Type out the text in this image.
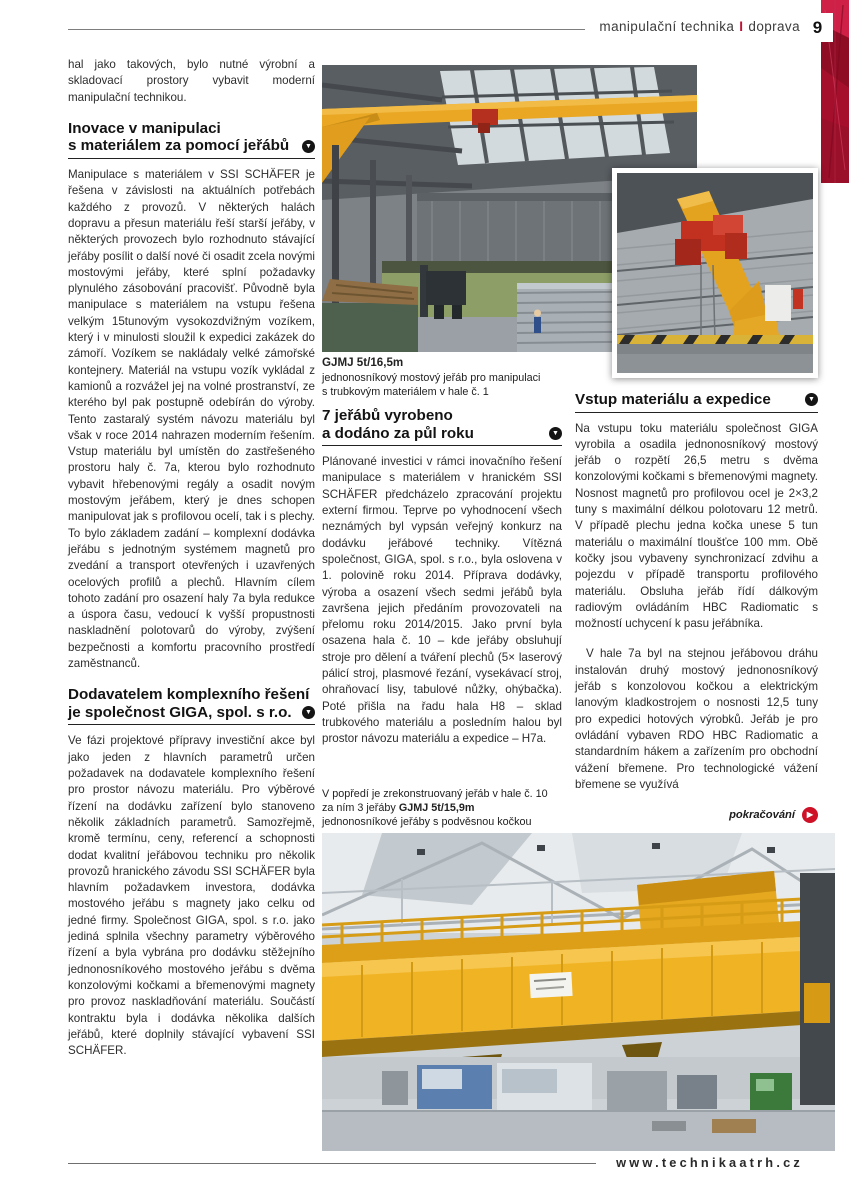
manipulační technika I doprava 9
GJMJ 5t/16,5m
jednonosníkový mostový jeřáb pro manipulaci
s trubkovým materiálem v hale č. 1

hal jako takových, bylo nutné výrobní a skladovací prostory vybavit moderní manipulační technikou.

Inovace v manipulaci
s materiálem za pomocí jeřábů	▼

Manipulace s materiálem v SSI SCHÄFER je řešena v závislosti na aktuálních potřebách každého z provozů. V některých halách dopravu a přesun materiálu řeší starší jeřáby, v některých provozech bylo rozhodnuto stávající jeřáby posílit o další nové či osadit zcela novými mostovými jeřáby, které splní požadavky plynulého zásobování pracovišť. Původně byla manipulace s materiálem na vstupu řešena velkým 15tunovým vysokozdvižným vozíkem, který i v minulosti sloužil k expedici zakázek do zámoří. Vozíkem se nakládaly velké zámořské kontejnery. Materiál na vstupu vozík vykládal z kamionů a rozvážel jej na volné prostranství, ze kterého byl pak postupně odebírán do výroby. Tento zastaralý systém návozu materiálu byl však v roce 2014 nahrazen moderním řešením. Vstup materiálu byl umístěn do zastřešeného prostoru haly č. 7a, kterou bylo rozhodnuto vybavit hřebenovými regály a osadit novým mostovým jeřábem, který je dnes schopen manipulovat jak s profilovou ocelí, tak i s plechy. To bylo základem zadání – komplexní dodávka jeřábu s jednotným systémem magnetů pro zvedání a transport otevřených i uzavřených ocelových profilů a plechů. Hlavním cílem tohoto zadání pro osazení haly 7a byla redukce a úspora času, vedoucí k vyšší propustnosti naskladnění polotovarů do výroby, zvýšení bezpečnosti a komfortu pracovního prostředí zaměstnanců.

Dodavatelem komplexního řešení
je společnost GIGA, spol. s r.o.	▼

Ve fázi projektové přípravy investiční akce byl jako jeden z hlavních parametrů určen požadavek na dodavatele komplexního řešení pro prostor návozu materiálu. Pro výběrové řízení na dodávku zařízení bylo stanoveno několik základních parametrů. Samozřejmě, kromě termínu, ceny, referencí a schopnosti dodat kvalitní jeřábovou techniku pro několik provozů hranického závodu SSI SCHÄFER byla hlavním požadavkem investora, dodávka mostového jeřábu s magnety jako celku od jedné firmy. Společnost GIGA, spol. s r.o. jako jediná splnila všechny parametry výběrového řízení a byla vybrána pro dodávku stěžejního jednonosníkového mostového jeřábu s dvěma konzolovými kočkami a břemenovými magnety pro provoz naskladňování materiálu. Součástí kontraktu byla i dodávka několika dalších jeřábů, které doplnily stávající vybavení SSI SCHÄFER.

7 jeřábů vyrobeno
a dodáno za půl roku	▼

Plánované investici v rámci inovačního řešení manipulace s materiálem v hranickém SSI SCHÄFER předcházelo zpracování projektu externí firmou. Teprve po vyhodnocení všech neznámých byl vypsán veřejný konkurz na dodávku jeřábové techniky. Vítězná společnost, GIGA, spol. s r.o., byla oslovena v 1. polovině roku 2014. Příprava dodávky, výroba a osazení všech sedmi jeřábů byla završena jejich předáním provozovateli na přelomu roku 2014/2015. Jako první byla osazena hala č. 10 – kde jeřáby obsluhují stroje pro dělení a tváření plechů (5× laserový pálicí stroj, plasmové řezání, vysekávací stroj, ohraňovací lisy, tabulové nůžky, ohýbačka). Poté přišla na řadu hala H8 – sklad trubkového materiálu a posledním halou byl prostor návozu materiálu a expedice – H7a.

V popředí je zrekonstruovaný jeřáb v hale č. 10
za ním 3 jeřáby GJMJ 5t/15,9m
jednonosníkové jeřáby s podvěsnou kočkou
Vstup materiálu a expedice	▼

Na vstupu toku materiálu společnost GIGA vyrobila a osadila jednonosníkový mostový jeřáb o rozpětí 26,5 metru s dvěma konzolovými kočkami s břemenovými magnety. Nosnost magnetů pro profilovou ocel je 2×3,2 tuny s maximální délkou polotovaru 12 metrů. V případě plechu jedna kočka unese 5 tun materiálu o maximální tloušťce 100 mm. Obě kočky jsou vybaveny synchronizací zdvihu a pojezdu v případě transportu profilového materiálu. Obsluha jeřáb řídí dálkovým radiovým ovládáním HBC Radiomatic s možností uchycení k pasu jeřábníka.

V hale 7a byl na stejnou jeřábovou dráhu instalován druhý mostový jednonosníkový jeřáb s konzolovou kočkou a elektrickým lanovým kladkostrojem o nosnosti 12,5 tuny pro expedici hotových výrobků. Jeřáb je pro ovládání vybaven RDO HBC Radiomatic a standardním hákem a zařízením pro obchodní vážení břemene. Pro technologické vážení břemene se využívá

pokračování	▶
www.technikaatrh.cz
